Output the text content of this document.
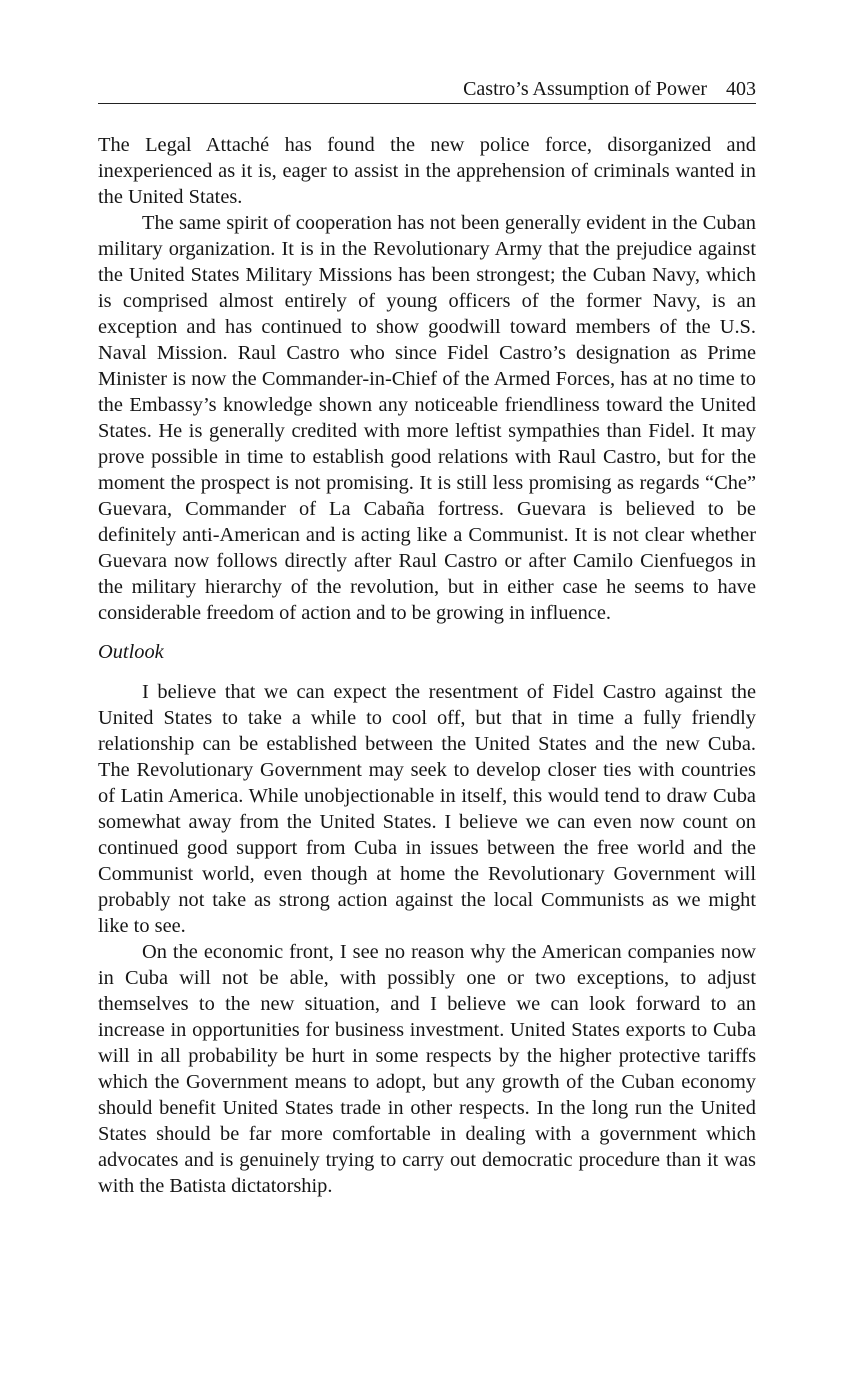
Castro’s Assumption of Power 403

The Legal Attaché has found the new police force, disorganized and inexperienced as it is, eager to assist in the apprehension of criminals wanted in the United States.

The same spirit of cooperation has not been generally evident in the Cuban military organization. It is in the Revolutionary Army that the prejudice against the United States Military Missions has been strongest; the Cuban Navy, which is comprised almost entirely of young officers of the former Navy, is an exception and has continued to show goodwill toward members of the U.S. Naval Mission. Raul Castro who since Fidel Castro’s designation as Prime Minister is now the Commander-in-Chief of the Armed Forces, has at no time to the Embassy’s knowledge shown any noticeable friendliness toward the United States. He is generally credited with more leftist sympathies than Fidel. It may prove possible in time to establish good relations with Raul Castro, but for the moment the prospect is not promising. It is still less promising as regards “Che” Guevara, Commander of La Cabaña fortress. Guevara is believed to be definitely anti-American and is acting like a Communist. It is not clear whether Guevara now follows directly after Raul Castro or after Camilo Cienfuegos in the military hierarchy of the revolution, but in either case he seems to have considerable freedom of action and to be growing in influence.

Outlook

I believe that we can expect the resentment of Fidel Castro against the United States to take a while to cool off, but that in time a fully friendly relationship can be established between the United States and the new Cuba. The Revolutionary Government may seek to develop closer ties with countries of Latin America. While unobjectionable in itself, this would tend to draw Cuba somewhat away from the United States. I believe we can even now count on continued good support from Cuba in issues between the free world and the Communist world, even though at home the Revolutionary Government will probably not take as strong action against the local Communists as we might like to see.

On the economic front, I see no reason why the American companies now in Cuba will not be able, with possibly one or two exceptions, to adjust themselves to the new situation, and I believe we can look forward to an increase in opportunities for business investment. United States exports to Cuba will in all probability be hurt in some respects by the higher protective tariffs which the Government means to adopt, but any growth of the Cuban economy should benefit United States trade in other respects. In the long run the United States should be far more comfortable in dealing with a government which advocates and is genuinely trying to carry out democratic procedure than it was with the Batista dictatorship.
